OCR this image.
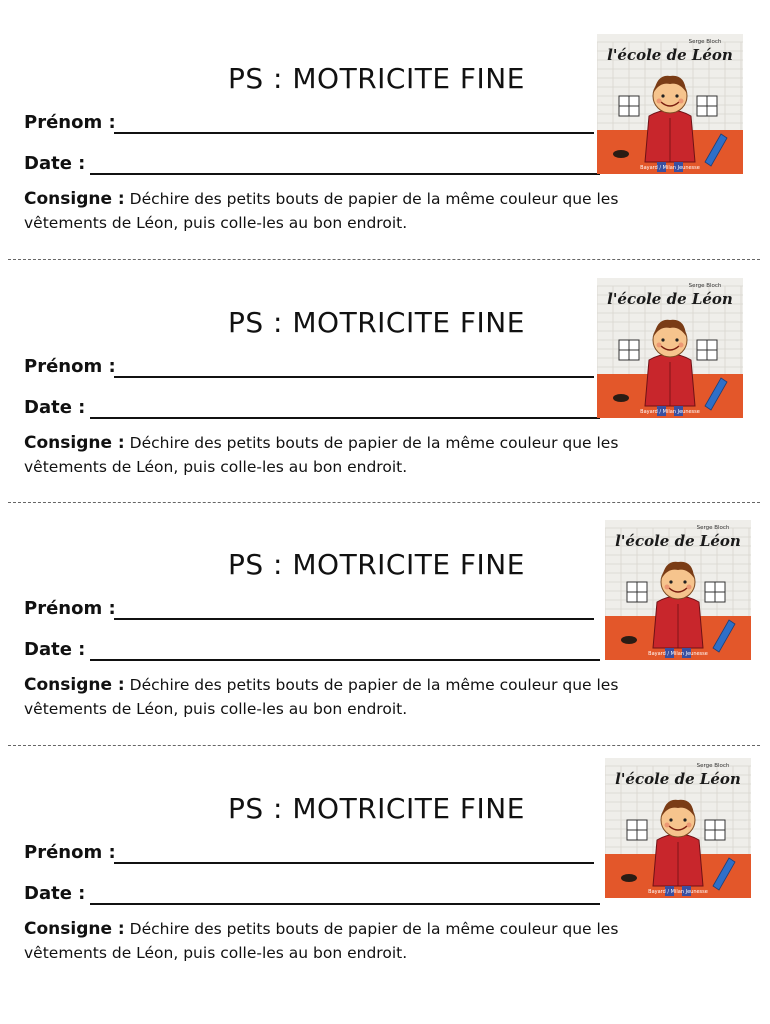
PS : MOTRICITE FINE
Prénom :
Date :
Consigne : Déchire des petits bouts de papier de la même couleur que les vêtements de Léon, puis colle-les au bon endroit.
Serge Bloch
l'école de Léon
Bayard / Milan Jeunesse
PS : MOTRICITE FINE
Prénom :
Date :
Consigne : Déchire des petits bouts de papier de la même couleur que les vêtements de Léon, puis colle-les au bon endroit.
Serge Bloch
l'école de Léon
Bayard / Milan Jeunesse
PS : MOTRICITE FINE
Prénom :
Date :
Consigne : Déchire des petits bouts de papier de la même couleur que les vêtements de Léon, puis colle-les au bon endroit.
Serge Bloch
l'école de Léon
Bayard / Milan Jeunesse
PS : MOTRICITE FINE
Prénom :
Date :
Consigne : Déchire des petits bouts de papier de la même couleur que les vêtements de Léon, puis colle-les au bon endroit.
Serge Bloch
l'école de Léon
Bayard / Milan Jeunesse
